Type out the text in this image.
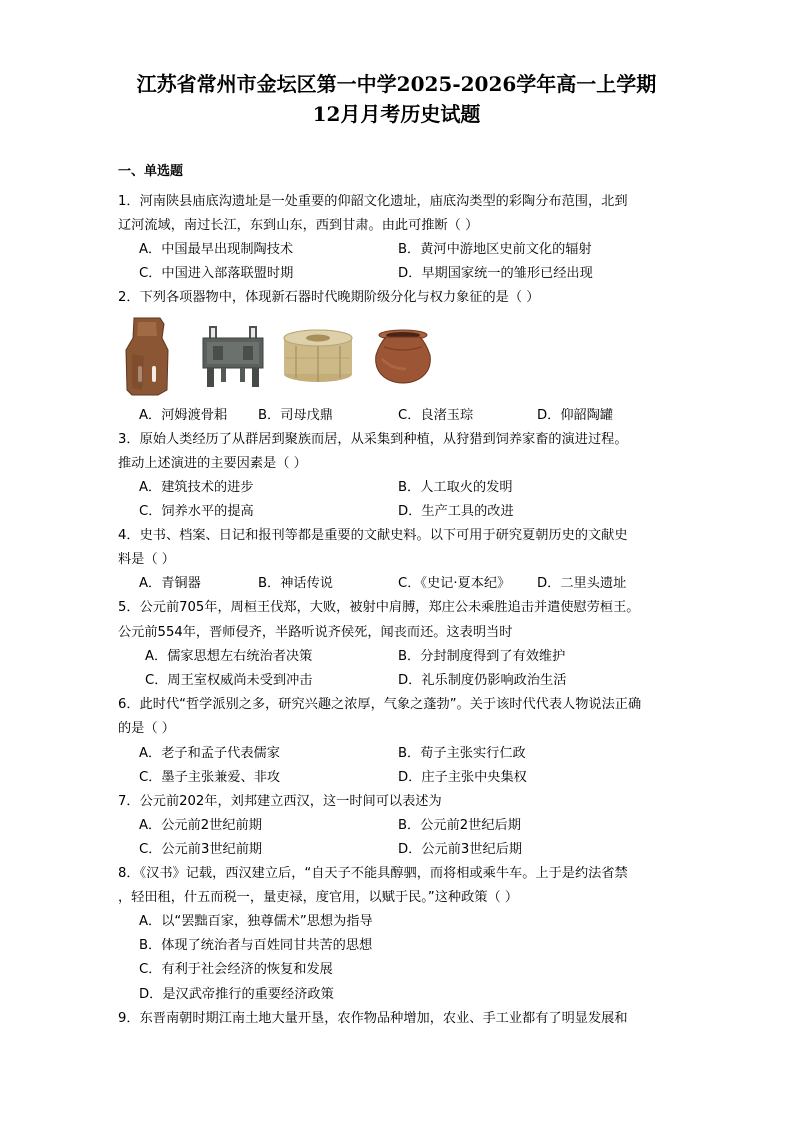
江苏省常州市金坛区第一中学2025-2026学年高一上学期
12月月考历史试题
一、单选题
1．河南陕县庙底沟遗址是一处重要的仰韶文化遗址，庙底沟类型的彩陶分布范围，北到
辽河流域，南过长江，东到山东，西到甘肃。由此可推断（ ）
A．中国最早出现制陶技术	B．黄河中游地区史前文化的辐射
C．中国进入部落联盟时期	D．早期国家统一的雏形已经出现
2．下列各项器物中，体现新石器时代晚期阶级分化与权力象征的是（ ）
A．河姆渡骨耜 B．司母戊鼎	C．良渚玉琮	D．仰韶陶罐
3．原始人类经历了从群居到聚族而居，从采集到种植，从狩猎到饲养家畜的演进过程。
推动上述演进的主要因素是（ ）
A．建筑技术的进步	B．人工取火的发明
C．饲养水平的提高	D．生产工具的改进
4．史书、档案、日记和报刊等都是重要的文献史料。以下可用于研究夏朝历史的文献史
料是（ ）
A．青铜器	B．神话传说	C．《史记·夏本纪》 D．二里头遗址
5．公元前705年，周桓王伐郑，大败，被射中肩膊，郑庄公未乘胜追击并遣使慰劳桓王。
公元前554年，晋师侵齐，半路听说齐侯死，闻丧而还。这表明当时
A．儒家思想左右统治者决策	B．分封制度得到了有效维护
C．周王室权威尚未受到冲击	D．礼乐制度仍影响政治生活
6．此时代“哲学派别之多，研究兴趣之浓厚，气象之蓬勃”。关于该时代代表人物说法正确
的是（ ）
A．老子和孟子代表儒家	B．荀子主张实行仁政
C．墨子主张兼爱、非攻	D．庄子主张中央集权
7．公元前202年，刘邦建立西汉，这一时间可以表述为
A．公元前2世纪前期	B．公元前2世纪后期
C．公元前3世纪前期	D．公元前3世纪后期
8．《汉书》记载，西汉建立后，“自天子不能具醇驷，而将相或乘牛车。上于是约法省禁
，轻田租，什五而税一，量吏禄，度官用，以赋于民。”这种政策（ ）
A．以“罢黜百家，独尊儒术”思想为指导
B．体现了统治者与百姓同甘共苦的思想
C．有利于社会经济的恢复和发展
D．是汉武帝推行的重要经济政策
9．东晋南朝时期江南土地大量开垦，农作物品种增加，农业、手工业都有了明显发展和
